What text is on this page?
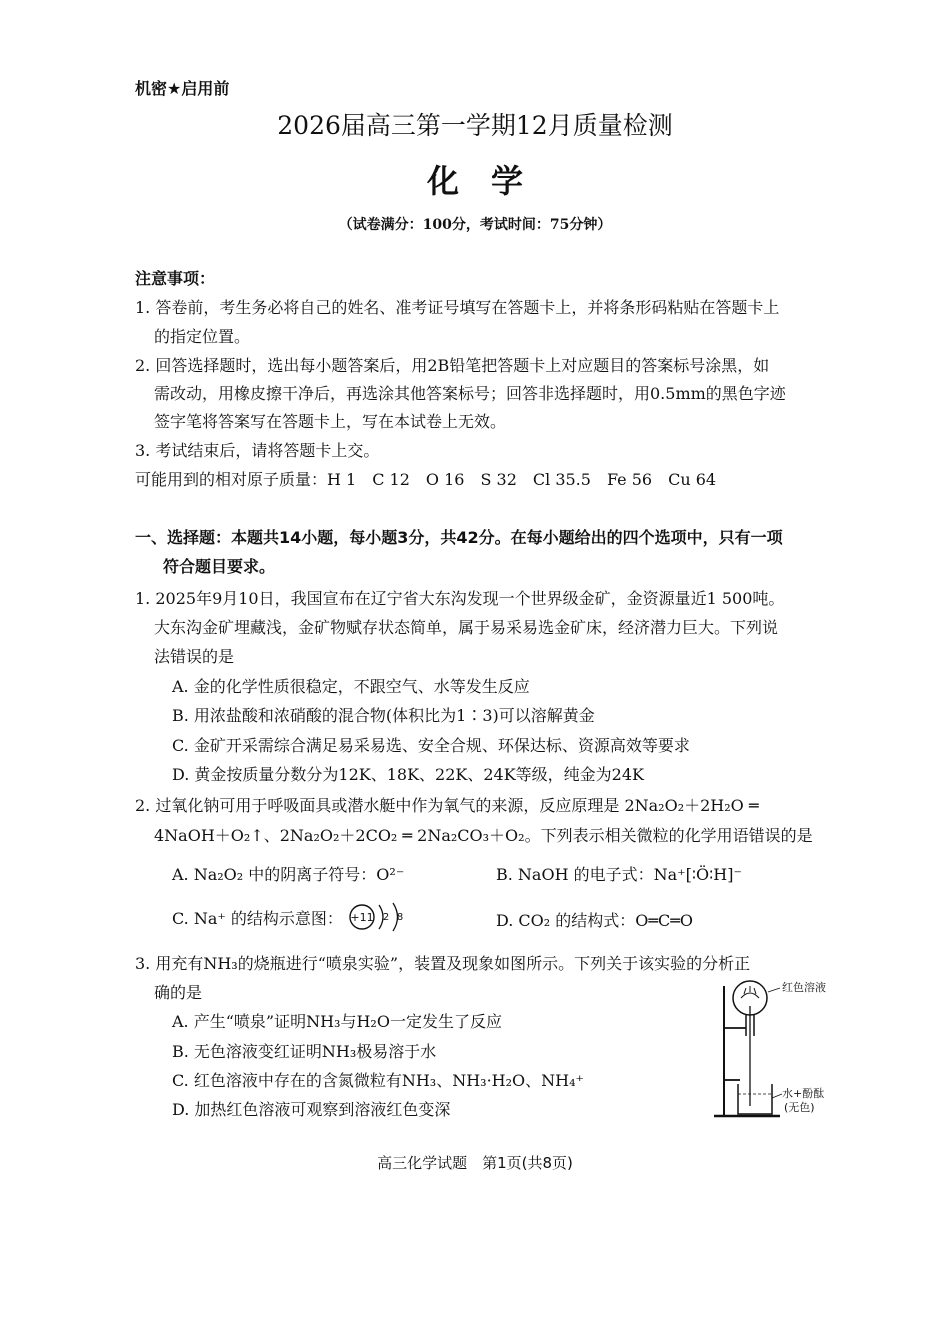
机密★启用前
2026届高三第一学期12月质量检测
化　学
（试卷满分：100分，考试时间：75分钟）
注意事项：
1. 答卷前，考生务必将自己的姓名、准考证号填写在答题卡上，并将条形码粘贴在答题卡上
的指定位置。
2. 回答选择题时，选出每小题答案后，用2B铅笔把答题卡上对应题目的答案标号涂黑，如
需改动，用橡皮擦干净后，再选涂其他答案标号；回答非选择题时，用0.5mm的黑色字迹
签字笔将答案写在答题卡上，写在本试卷上无效。
3. 考试结束后，请将答题卡上交。
可能用到的相对原子质量：H 1　C 12　O 16　S 32　Cl 35.5　Fe 56　Cu 64
一、选择题：本题共14小题，每小题3分，共42分。在每小题给出的四个选项中，只有一项
符合题目要求。
1. 2025年9月10日，我国宣布在辽宁省大东沟发现一个世界级金矿，金资源量近1 500吨。
大东沟金矿埋藏浅，金矿物赋存状态简单，属于易采易选金矿床，经济潜力巨大。下列说
法错误的是
A. 金的化学性质很稳定，不跟空气、水等发生反应
B. 用浓盐酸和浓硝酸的混合物(体积比为1∶3)可以溶解黄金
C. 金矿开采需综合满足易采易选、安全合规、环保达标、资源高效等要求
D. 黄金按质量分数分为12K、18K、22K、24K等级，纯金为24K
2. 过氧化钠可用于呼吸面具或潜水艇中作为氧气的来源，反应原理是 2Na₂O₂＋2H₂O ═
4NaOH＋O₂↑、2Na₂O₂＋2CO₂ ═ 2Na₂CO₃＋O₂。下列表示相关微粒的化学用语错误的是
A. Na₂O₂ 中的阴离子符号：O²⁻	B. NaOH 的电子式：Na⁺[∶Ö∶H]⁻
C. Na⁺ 的结构示意图： +11 2 8	D. CO₂ 的结构式：O═C═O
3. 用充有NH₃的烧瓶进行“喷泉实验”，装置及现象如图所示。下列关于该实验的分析正
确的是
A. 产生“喷泉”证明NH₃与H₂O一定发生了反应
B. 无色溶液变红证明NH₃极易溶于水
C. 红色溶液中存在的含氮微粒有NH₃、NH₃·H₂O、NH₄⁺
D. 加热红色溶液可观察到溶液红色变深
红色溶液
水+酚酞
(无色)
高三化学试题　第1页(共8页)
